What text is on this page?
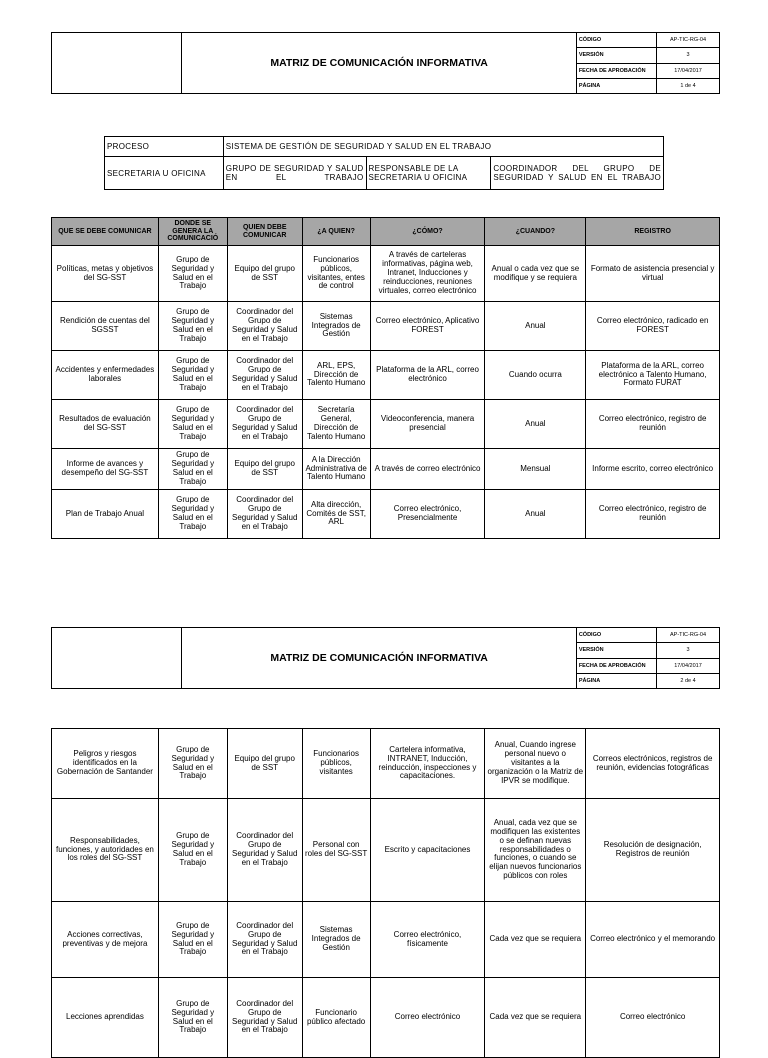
	MATRIZ DE COMUNICACIÓN INFORMATIVA	CÓDIGO	AP-TIC-RG-04
		VERSIÓN	3
		FECHA DE APROBACIÓN	17/04/2017
		PÁGINA	1 de 4
PROCESO	SISTEMA DE GESTIÓN DE SEGURIDAD Y SALUD EN EL TRABAJO		
SECRETARIA U OFICINA	GRUPO DE SEGURIDAD Y SALUD EN EL TRABAJO	RESPONSABLE DE LA SECRETARIA U OFICINA	COORDINADOR DEL GRUPO DE SEGURIDAD Y SALUD EN EL TRABAJO
QUE SE DEBE COMUNICAR	DONDE SE GENERA LA COMUNICACIÓ	QUIEN DEBE COMUNICAR	¿A QUIEN?	¿CÓMO?	¿CUANDO?	REGISTRO
Políticas, metas y objetivos del SG-SST	Grupo de Seguridad y Salud en el Trabajo	Equipo del grupo de SST	Funcionarios públicos, visitantes, entes de control	A través de carteleras informativas, página web, Intranet, Inducciones y reinducciones, reuniones virtuales, correo electrónico	Anual o cada vez que se modifique y se requiera	Formato de asistencia presencial y virtual
Rendición de cuentas del SGSST	Grupo de Seguridad y Salud en el Trabajo	Coordinador del Grupo de Seguridad y Salud en el Trabajo	Sistemas Integrados de Gestión	Correo electrónico, Aplicativo FOREST	Anual	Correo electrónico, radicado en FOREST
Accidentes y enfermedades laborales	Grupo de Seguridad y Salud en el Trabajo	Coordinador del Grupo de Seguridad y Salud en el Trabajo	ARL, EPS, Dirección de Talento Humano	Plataforma de la ARL, correo electrónico	Cuando ocurra	Plataforma de la ARL, correo electrónico a Talento Humano, Formato FURAT
Resultados de evaluación del SG-SST	Grupo de Seguridad y Salud en el Trabajo	Coordinador del Grupo de Seguridad y Salud en el Trabajo	Secretaría General, Dirección de Talento Humano	Videoconferencia, manera presencial	Anual	Correo electrónico, registro de reunión
Informe de avances y desempeño del SG-SST	Grupo de Seguridad y Salud en el Trabajo	Equipo del grupo de SST	A la Dirección Administrativa de Talento Humano	A través de correo electrónico	Mensual	Informe escrito, correo electrónico
Plan de Trabajo Anual	Grupo de Seguridad y Salud en el Trabajo	Coordinador del Grupo de Seguridad y Salud en el Trabajo	Alta dirección, Comités de SST, ARL	Correo electrónico, Presencialmente	Anual	Correo electrónico, registro de reunión
	MATRIZ DE COMUNICACIÓN INFORMATIVA	CÓDIGO	AP-TIC-RG-04
		VERSIÓN	3
		FECHA DE APROBACIÓN	17/04/2017
		PÁGINA	2 de 4
Peligros y riesgos identificados en la Gobernación de Santander	Grupo de Seguridad y Salud en el Trabajo	Equipo del grupo de SST	Funcionarios públicos, visitantes	Cartelera informativa, INTRANET, Inducción, reinducción, inspecciones y capacitaciones.	Anual, Cuando ingrese personal nuevo o visitantes a la organización o la Matriz de IPVR se modifique.	Correos electrónicos, registros de reunión, evidencias fotográficas
Responsabilidades, funciones, y autoridades en los roles del SG-SST	Grupo de Seguridad y Salud en el Trabajo	Coordinador del Grupo de Seguridad y Salud en el Trabajo	Personal con roles del SG-SST	Escrito y capacitaciones	Anual, cada vez que se modifiquen las existentes o se definan nuevas responsabilidades o funciones, o cuando se elijan nuevos funcionarios públicos con roles	Resolución de designación, Registros de reunión
Acciones correctivas, preventivas y de mejora	Grupo de Seguridad y Salud en el Trabajo	Coordinador del Grupo de Seguridad y Salud en el Trabajo	Sistemas Integrados de Gestión	Correo electrónico, físicamente	Cada vez que se requiera	Correo electrónico y el memorando
Lecciones aprendidas	Grupo de Seguridad y Salud en el Trabajo	Coordinador del Grupo de Seguridad y Salud en el Trabajo	Funcionario público afectado	Correo electrónico	Cada vez que se requiera	Correo electrónico
